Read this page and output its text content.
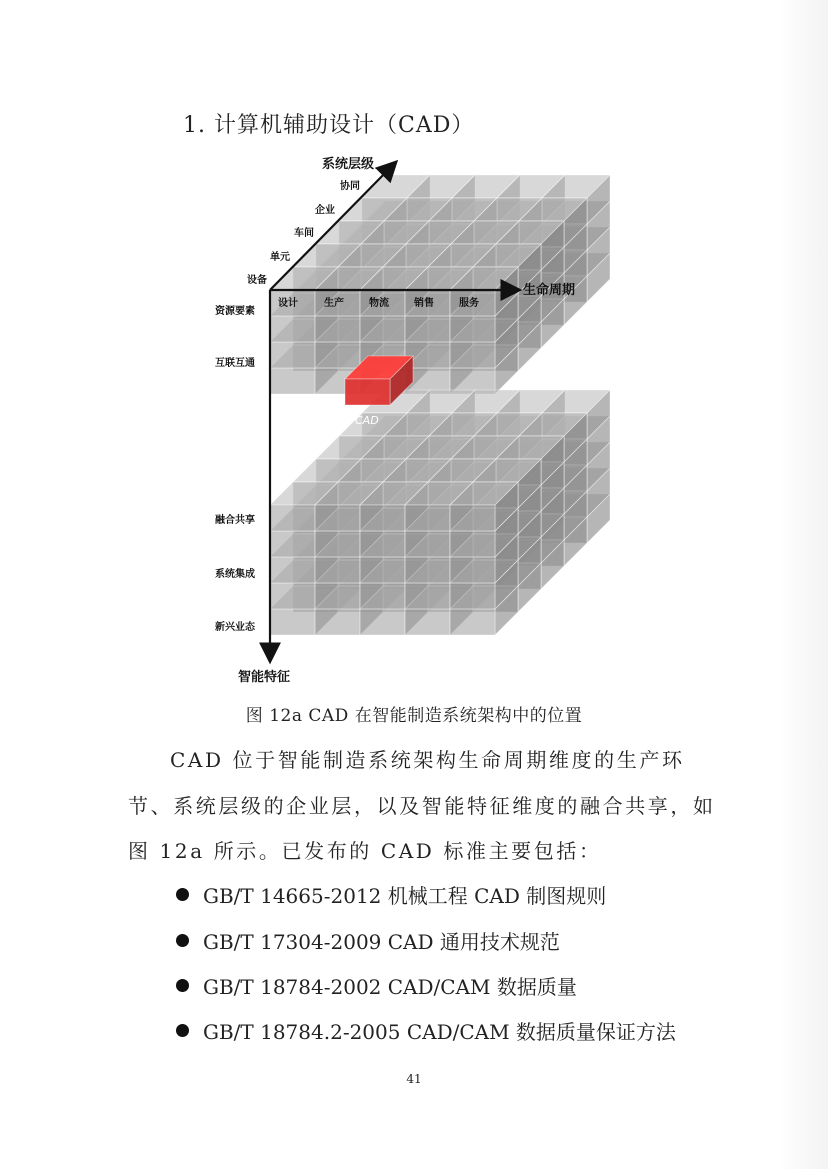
1. 计算机辅助设计（CAD）
系统层级
生命周期
智能特征
协同
企业
车间
单元
设备
设计	生产	物流	销售	服务
资源要素
互联互通
融合共享
系统集成
新兴业态
CAD
图 12a CAD 在智能制造系统架构中的位置
CAD 位于智能制造系统架构生命周期维度的生产环
节、系统层级的企业层，以及智能特征维度的融合共享，如
图 12a 所示。已发布的 CAD 标准主要包括：
GB/T 14665-2012 机械工程 CAD 制图规则
GB/T 17304-2009 CAD 通用技术规范
GB/T 18784-2002 CAD/CAM 数据质量
GB/T 18784.2-2005 CAD/CAM 数据质量保证方法
41
